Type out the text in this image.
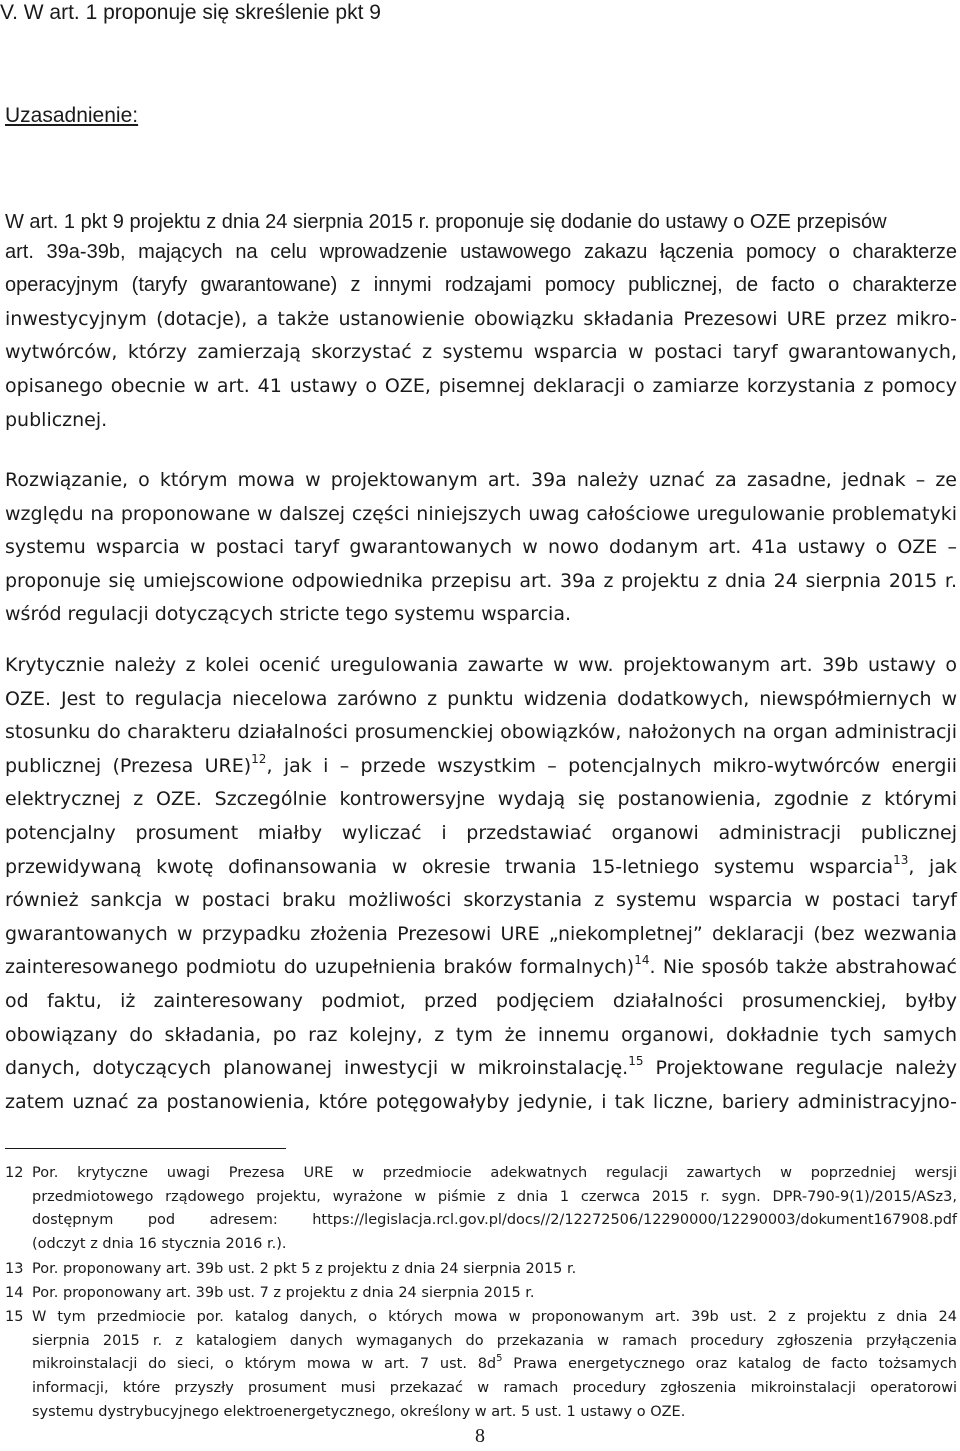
V. W art. 1 proponuje się skreślenie pkt 9
Uzasadnienie:
W art. 1 pkt 9 projektu z dnia 24 sierpnia 2015 r. proponuje się dodanie do ustawy o OZE przepisów
art. 39a-39b, mających na celu wprowadzenie ustawowego zakazu łączenia pomocy o charakterze
operacyjnym (taryfy gwarantowane) z innymi rodzajami pomocy publicznej, de facto o charakterze
inwestycyjnym (dotacje), a także ustanowienie obowiązku składania Prezesowi URE przez mikro-
wytwórców, którzy zamierzają skorzystać z systemu wsparcia w postaci taryf gwarantowanych,
opisanego obecnie w art. 41 ustawy o OZE, pisemnej deklaracji o zamiarze korzystania z pomocy
publicznej.
Rozwiązanie, o którym mowa w projektowanym art. 39a należy uznać za zasadne, jednak – ze
względu na proponowane w dalszej części niniejszych uwag całościowe uregulowanie problematyki
systemu wsparcia w postaci taryf gwarantowanych w nowo dodanym art. 41a ustawy o OZE –
proponuje się umiejscowione odpowiednika przepisu art. 39a z projektu z dnia 24 sierpnia 2015 r.
wśród regulacji dotyczących stricte tego systemu wsparcia.
Krytycznie należy z kolei ocenić uregulowania zawarte w ww. projektowanym art. 39b ustawy o
OZE. Jest to regulacja niecelowa zarówno z punktu widzenia dodatkowych, niewspółmiernych w
stosunku do charakteru działalności prosumenckiej obowiązków, nałożonych na organ administracji
publicznej (Prezesa URE)$^{12}$, jak i – przede wszystkim – potencjalnych mikro-wytwórców energii
elektrycznej z OZE. Szczególnie kontrowersyjne wydają się postanowienia, zgodnie z którymi
potencjalny prosument miałby wyliczać i przedstawiać organowi administracji publicznej
przewidywaną kwotę dofinansowania w okresie trwania 15-letniego systemu wsparcia$^{13}$, jak
również sankcja w postaci braku możliwości skorzystania z systemu wsparcia w postaci taryf
gwarantowanych w przypadku złożenia Prezesowi URE „niekompletnej” deklaracji (bez wezwania
zainteresowanego podmiotu do uzupełnienia braków formalnych)$^{14}$. Nie sposób także abstrahować
od faktu, iż zainteresowany podmiot, przed podjęciem działalności prosumenckiej, byłby
obowiązany do składania, po raz kolejny, z tym że innemu organowi, dokładnie tych samych
danych, dotyczących planowanej inwestycji w mikroinstalację.$^{15}$ Projektowane regulacje należy
zatem uznać za postanowienia, które potęgowałyby jedynie, i tak liczne, bariery administracyjno-
12 Por. krytyczne uwagi Prezesa URE w przedmiocie adekwatnych regulacji zawartych w poprzedniej wersji
przedmiotowego rządowego projektu, wyrażone w piśmie z dnia 1 czerwca 2015 r. sygn. DPR-790-9(1)/2015/ASz3,
dostępnym pod adresem: https://legislacja.rcl.gov.pl/docs//2/12272506/12290000/12290003/dokument167908.pdf
(odczyt z dnia 16 stycznia 2016 r.).
13 Por. proponowany art. 39b ust. 2 pkt 5 z projektu z dnia 24 sierpnia 2015 r.
14 Por. proponowany art. 39b ust. 7 z projektu z dnia 24 sierpnia 2015 r.
15 W tym przedmiocie por. katalog danych, o których mowa w proponowanym art. 39b ust. 2 z projektu z dnia 24
sierpnia 2015 r. z katalogiem danych wymaganych do przekazania w ramach procedury zgłoszenia przyłączenia
mikroinstalacji do sieci, o którym mowa w art. 7 ust. $8d^5$ Prawa energetycznego oraz katalog de facto tożsamych
informacji, które przyszły prosument musi przekazać w ramach procedury zgłoszenia mikroinstalacji operatorowi
systemu dystrybucyjnego elektroenergetycznego, określony w art. 5 ust. 1 ustawy o OZE.
8
